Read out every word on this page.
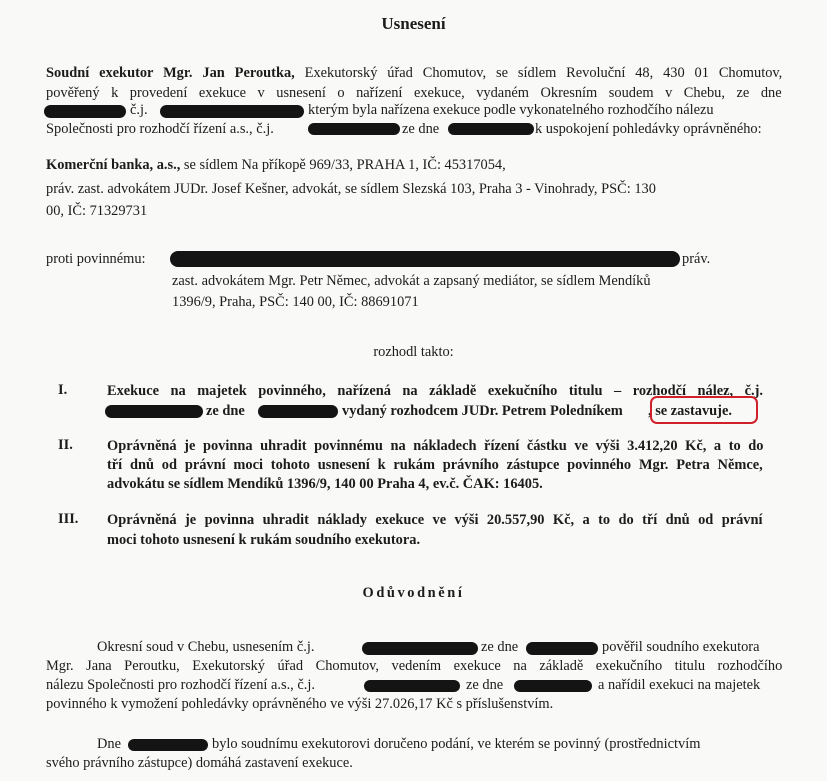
Usnesení
Soudní exekutor Mgr. Jan Peroutka, Exekutorský úřad Chomutov, se sídlem Revoluční 48, 430 01 Chomutov,
pověřený k provedení exekuce v usnesení o nařízení exekuce, vydaném Okresním soudem v Chebu, ze dne
č.j.	kterým byla nařízena exekuce podle vykonatelného rozhodčího nálezu
Společnosti pro rozhodčí řízení a.s., č.j.	ze dne	k uspokojení pohledávky oprávněného:
Komerční banka, a.s., se sídlem Na příkopě 969/33, PRAHA 1, IČ: 45317054,
práv. zast. advokátem JUDr. Josef Kešner, advokát, se sídlem Slezská 103, Praha 3 - Vinohrady, PSČ: 130
00, IČ: 71329731
proti povinnému:	práv.
zast. advokátem Mgr. Petr Němec, advokát a zapsaný mediátor, se sídlem Mendíků
1396/9, Praha, PSČ: 140 00, IČ: 88691071
rozhodl takto:
I.	Exekuce na majetek povinného, nařízená na základě exekučního titulu – rozhodčí nález, č.j.
ze dne	vydaný rozhodcem JUDr. Petrem Poledníkem , se zastavuje.
II. Oprávněná je povinna uhradit povinnému na nákladech řízení částku ve výši 3.412,20 Kč, a to do
tří dnů od právní moci tohoto usnesení k rukám právního zástupce povinného Mgr. Petra Němce,
advokátu se sídlem Mendíků 1396/9, 140 00 Praha 4, ev.č. ČAK: 16405.
III. Oprávněná je povinna uhradit náklady exekuce ve výši 20.557,90 Kč, a to do tří dnů od právní
moci tohoto usnesení k rukám soudního exekutora.
Odůvodnění
Okresní soud v Chebu, usnesením č.j.	ze dne	pověřil soudního exekutora
Mgr. Jana Peroutku, Exekutorský úřad Chomutov, vedením exekuce na základě exekučního titulu rozhodčího
nálezu Společnosti pro rozhodčí řízení a.s., č.j.	ze dne	a nařídil exekuci na majetek
povinného k vymožení pohledávky oprávněného ve výši 27.026,17 Kč s příslušenstvím.
Dne	bylo soudnímu exekutorovi doručeno podání, ve kterém se povinný (prostřednictvím
svého právního zástupce) domáhá zastavení exekuce.
